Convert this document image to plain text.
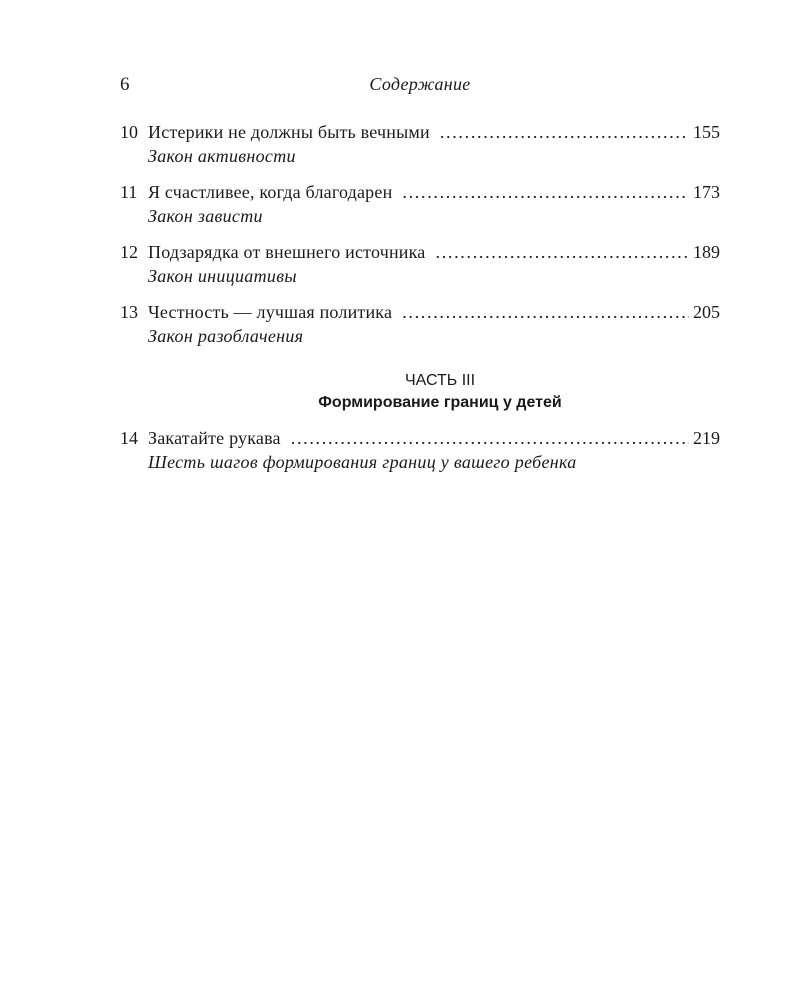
6	Содержание
10 Истерики не должны быть вечными . . .	155
Закон активности
11 Я счастливее, когда благодарен . . .	173
Закон зависти
12 Подзарядка от внешнего источника . . .	189
Закон инициативы
13 Честность — лучшая политика . . .	205
Закон разоблачения
ЧАСТЬ III
Формирование границ у детей
14 Закатайте рукава . . .	219
Шесть шагов формирования границ у вашего ребенка
